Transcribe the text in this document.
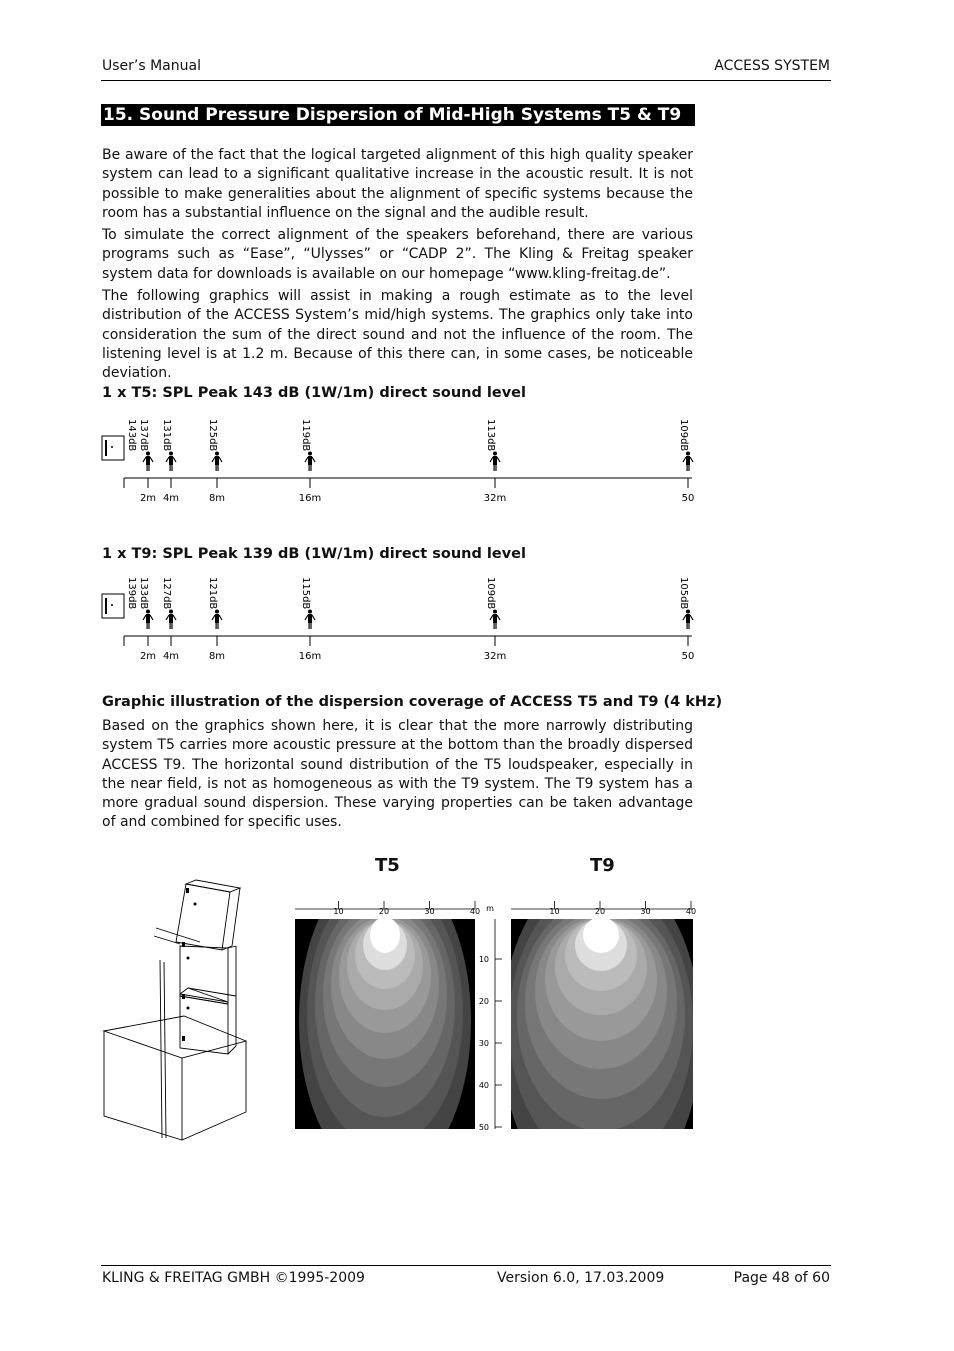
User’s Manual	ACCESS SYSTEM
15. Sound Pressure Dispersion of Mid-High Systems T5 & T9

Be aware of the fact that the logical targeted alignment of this high quality speaker system can lead to a significant qualitative increase in the acoustic result. It is not possible to make generalities about the alignment of specific systems because the room has a substantial influence on the signal and the audible result.

To simulate the correct alignment of the speakers beforehand, there are various programs such as “Ease”, “Ulysses” or “CADP 2”. The Kling & Freitag speaker system data for downloads is available on our homepage “www.kling-freitag.de”.

The following graphics will assist in making a rough estimate as to the level distribution of the ACCESS System’s mid/high systems. The graphics only take into consideration the sum of the direct sound and not the influence of the room. The listening level is at 1.2 m. Because of this there can, in some cases, be noticeable deviation.

1 x T5: SPL Peak 143 dB (1W/1m) direct sound level
143dB 137dB
2m
131dB
4m
125dB
8m
119dB
16m
113dB
32m
109dB
50
1 x T9: SPL Peak 139 dB (1W/1m) direct sound level
139dB 133dB
2m
127dB
4m
121dB
8m
115dB
16m
109dB
32m
105dB
50
Graphic illustration of the dispersion coverage of ACCESS T5 and T9 (4 kHz)

Based on the graphics shown here, it is clear that the more narrowly distributing system T5 carries more acoustic pressure at the bottom than the broadly dispersed ACCESS T9. The horizontal sound distribution of the T5 loudspeaker, especially in the near field, is not as homogeneous as with the T9 system. The T9 system has a more gradual sound dispersion. These varying properties can be taken advantage of and combined for specific uses.

T5	T9
10	20	30	40 m
10
20
30
40
50
10	20	30	40
KLING & FREITAG GMBH ©1995-2009	Version 6.0, 17.03.2009	Page 48 of 60
